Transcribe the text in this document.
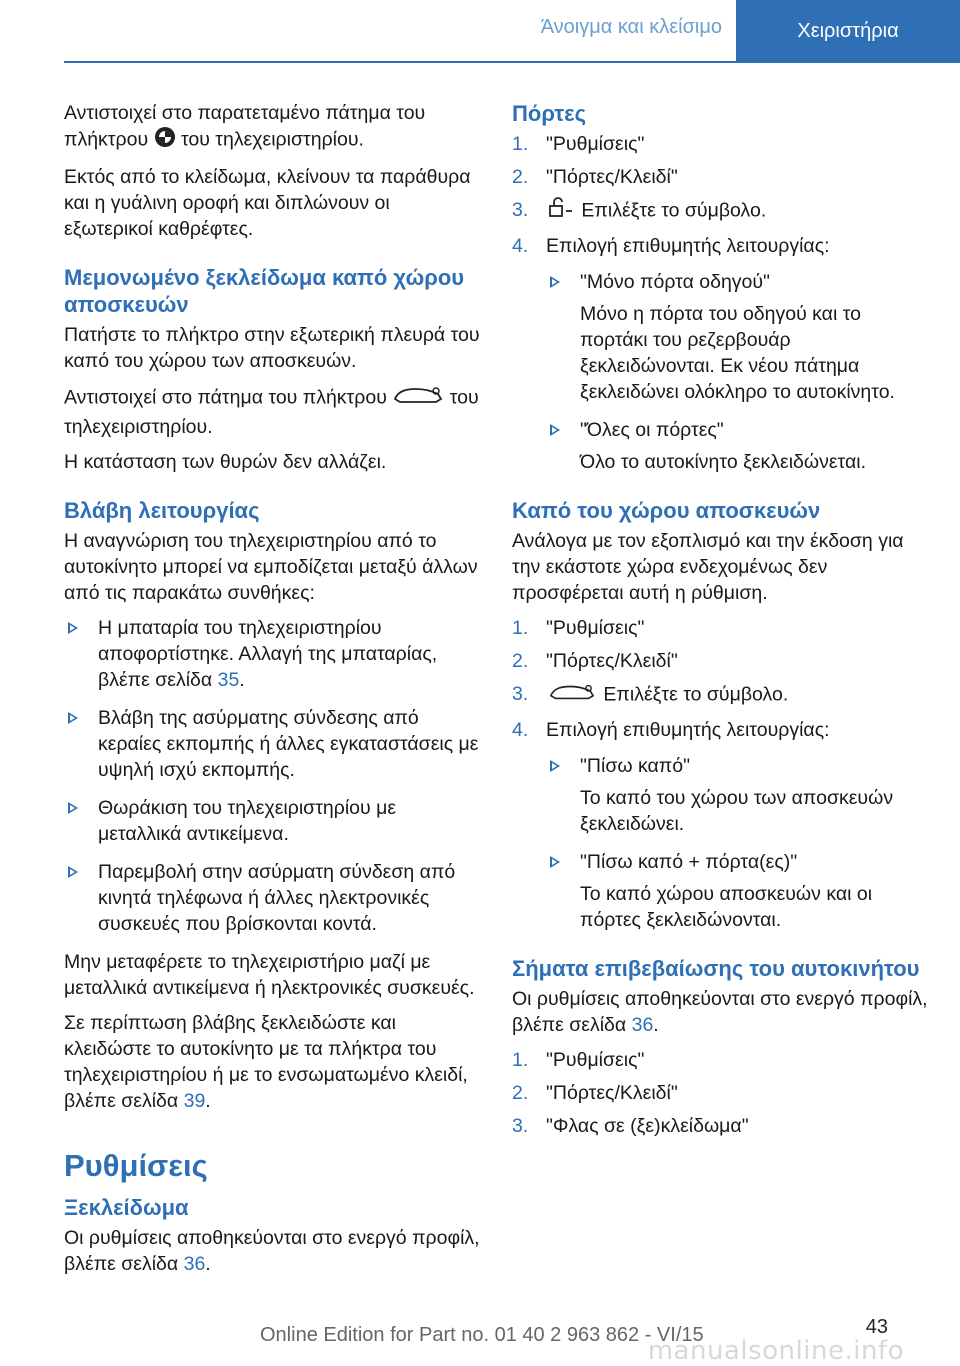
Άνοιγμα και κλείσιμο	Χειριστήρια

Αντιστοιχεί στο παρατεταμένο πάτημα του πλήκτρου του τηλεχειριστηρίου.

Εκτός από το κλείδωμα, κλείνουν τα παράθυρα και η γυάλινη οροφή και διπλώνουν οι εξωτερικοί καθρέφτες.

Μεμονωμένο ξεκλείδωμα καπό χώρου αποσκευών

Πατήστε το πλήκτρο στην εξωτερική πλευρά του καπό του χώρου των αποσκευών.

Αντιστοιχεί στο πάτημα του πλήκτρου	του τηλεχειριστηρίου.

Η κατάσταση των θυρών δεν αλλάζει.

Βλάβη λειτουργίας

Η αναγνώριση του τηλεχειριστηρίου από το αυτοκίνητο μπορεί να εμποδίζεται μεταξύ άλλων από τις παρακάτω συνθήκες:

Η μπαταρία του τηλεχειριστηρίου αποφορτίστηκε. Αλλαγή της μπαταρίας, βλέπε σελίδα 35.
Βλάβη της ασύρματης σύνδεσης από κεραίες εκπομπής ή άλλες εγκαταστάσεις με υψηλή ισχύ εκπομπής.
Θωράκιση του τηλεχειριστηρίου με μεταλλικά αντικείμενα.
Παρεμβολή στην ασύρματη σύνδεση από κινητά τηλέφωνα ή άλλες ηλεκτρονικές συσκευές που βρίσκονται κοντά.

Μην μεταφέρετε το τηλεχειριστήριο μαζί με μεταλλικά αντικείμενα ή ηλεκτρονικές συσκευές.

Σε περίπτωση βλάβης ξεκλειδώστε και κλειδώστε το αυτοκίνητο με τα πλήκτρα του τηλεχειριστηρίου ή με το ενσωματωμένο κλειδί, βλέπε σελίδα 39.

Ρυθμίσεις
Ξεκλείδωμα

Οι ρυθμίσεις αποθηκεύονται στο ενεργό προφίλ, βλέπε σελίδα 36.

Πόρτες
1. "Ρυθμίσεις"
2. "Πόρτες/Κλειδί"
3.	Επιλέξτε το σύμβολο.
4. Επιλογή επιθυμητής λειτουργίας:
"Μόνο πόρτα οδηγού"
Μόνο η πόρτα του οδηγού και το πορτάκι του ρεζερβουάρ ξεκλειδώνονται. Εκ νέου πάτημα ξεκλειδώνει ολόκληρο το αυτοκίνητο.
"Όλες οι πόρτες"
Όλο το αυτοκίνητο ξεκλειδώνεται.
Καπό του χώρου αποσκευών

Ανάλογα με τον εξοπλισμό και την έκδοση για την εκάστοτε χώρα ενδεχομένως δεν προσφέρεται αυτή η ρύθμιση.

1. "Ρυθμίσεις"
2. "Πόρτες/Κλειδί"
3.	Επιλέξτε το σύμβολο.
4. Επιλογή επιθυμητής λειτουργίας:
"Πίσω καπό"
Το καπό του χώρου των αποσκευών ξεκλειδώνει.
"Πίσω καπό + πόρτα(ες)"
Το καπό χώρου αποσκευών και οι πόρτες ξεκλειδώνονται.
Σήματα επιβεβαίωσης του αυτοκινήτου

Οι ρυθμίσεις αποθηκεύονται στο ενεργό προφίλ, βλέπε σελίδα 36.

1. "Ρυθμίσεις"
2. "Πόρτες/Κλειδί"
3. "Φλας σε (ξε)κλείδωμα"
Online Edition for Part no. 01 40 2 963 862 - VI/15	43
manualsonline.info
